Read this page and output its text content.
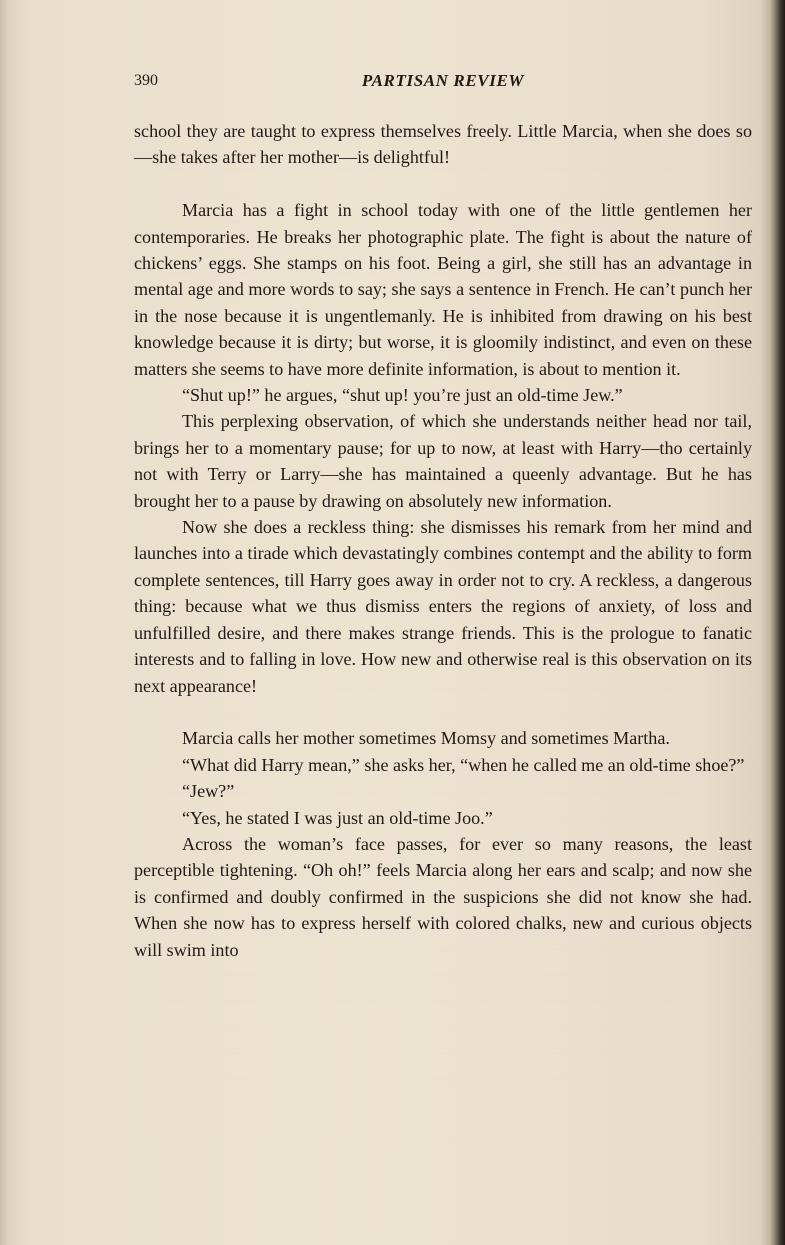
390	PARTISAN REVIEW

school they are taught to express themselves freely. Little Marcia, when she does so—she takes after her mother—is delightful!

Marcia has a fight in school today with one of the little gentlemen her contemporaries. He breaks her photographic plate. The fight is about the nature of chickens’ eggs. She stamps on his foot. Being a girl, she still has an advantage in mental age and more words to say; she says a sentence in French. He can’t punch her in the nose because it is ungentlemanly. He is inhibited from drawing on his best knowledge because it is dirty; but worse, it is gloomily indistinct, and even on these matters she seems to have more definite information, is about to mention it.

“Shut up!” he argues, “shut up! you’re just an old-time Jew.”

This perplexing observation, of which she understands neither head nor tail, brings her to a momentary pause; for up to now, at least with Harry—tho certainly not with Terry or Larry—she has maintained a queenly advantage. But he has brought her to a pause by drawing on absolutely new information.

Now she does a reckless thing: she dismisses his remark from her mind and launches into a tirade which devastatingly combines contempt and the ability to form complete sentences, till Harry goes away in order not to cry. A reckless, a dangerous thing: because what we thus dismiss enters the regions of anxiety, of loss and unfulfilled desire, and there makes strange friends. This is the prologue to fanatic interests and to falling in love. How new and otherwise real is this observation on its next appearance!

Marcia calls her mother sometimes Momsy and sometimes Martha.

“What did Harry mean,” she asks her, “when he called me an old-time shoe?”

“Jew?”

“Yes, he stated I was just an old-time Joo.”

Across the woman’s face passes, for ever so many reasons, the least perceptible tightening. “Oh oh!” feels Marcia along her ears and scalp; and now she is confirmed and doubly confirmed in the suspicions she did not know she had. When she now has to express herself with colored chalks, new and curious objects will swim into
